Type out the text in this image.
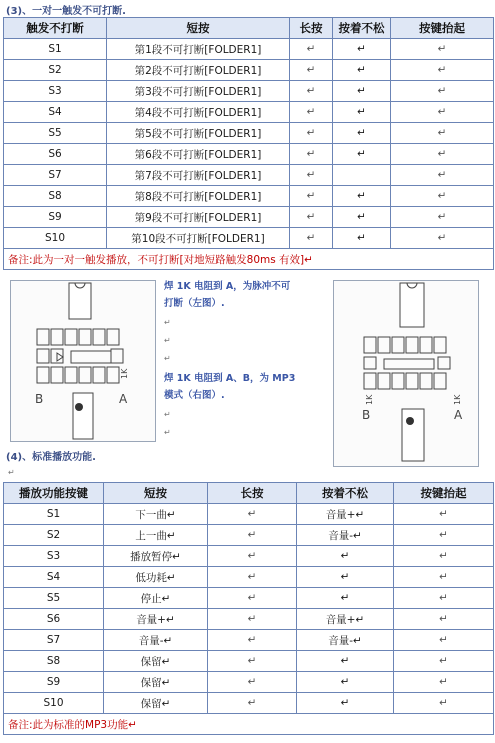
(3)、一对一触发不可打断.
触发不打断	短按	长按	按着不松	按键抬起
S1	第1段不可打断[FOLDER1]	↵	↵	↵
S2	第2段不可打断[FOLDER1]	↵	↵	↵
S3	第3段不可打断[FOLDER1]	↵	↵	↵
S4	第4段不可打断[FOLDER1]	↵	↵	↵
S5	第5段不可打断[FOLDER1]	↵	↵	↵
S6	第6段不可打断[FOLDER1]	↵	↵	↵
S7	第7段不可打断[FOLDER1]	↵		↵
S8	第8段不可打断[FOLDER1]	↵	↵	↵
S9	第9段不可打断[FOLDER1]	↵	↵	↵
S10	第10段不可打断[FOLDER1]	↵	↵	↵
备注:此为一对一触发播放，不可打断[对地短路触发80ms 有效]↵				
B	A
1K
焊 1K 电阻到 A，为脉冲不可
打断（左图）.
↵
↵
↵
焊 1K 电阻到 A、B，为 MP3
模式（右图）.
↵
↵
B	A
1K	1K
(4)、标准播放功能.
↵
播放功能按键	短按	长按	按着不松	按键抬起
S1	下一曲↵	↵	音量+↵	↵
S2	上一曲↵	↵	音量-↵	↵
S3	播放暂停↵	↵	↵	↵
S4	低功耗↵	↵	↵	↵
S5	停止↵	↵	↵	↵
S6	音量+↵	↵	音量+↵	↵
S7	音量-↵	↵	音量-↵	↵
S8	保留↵	↵	↵	↵
S9	保留↵	↵	↵	↵
S10	保留↵	↵	↵	↵
备注:此为标准的MP3功能↵				
